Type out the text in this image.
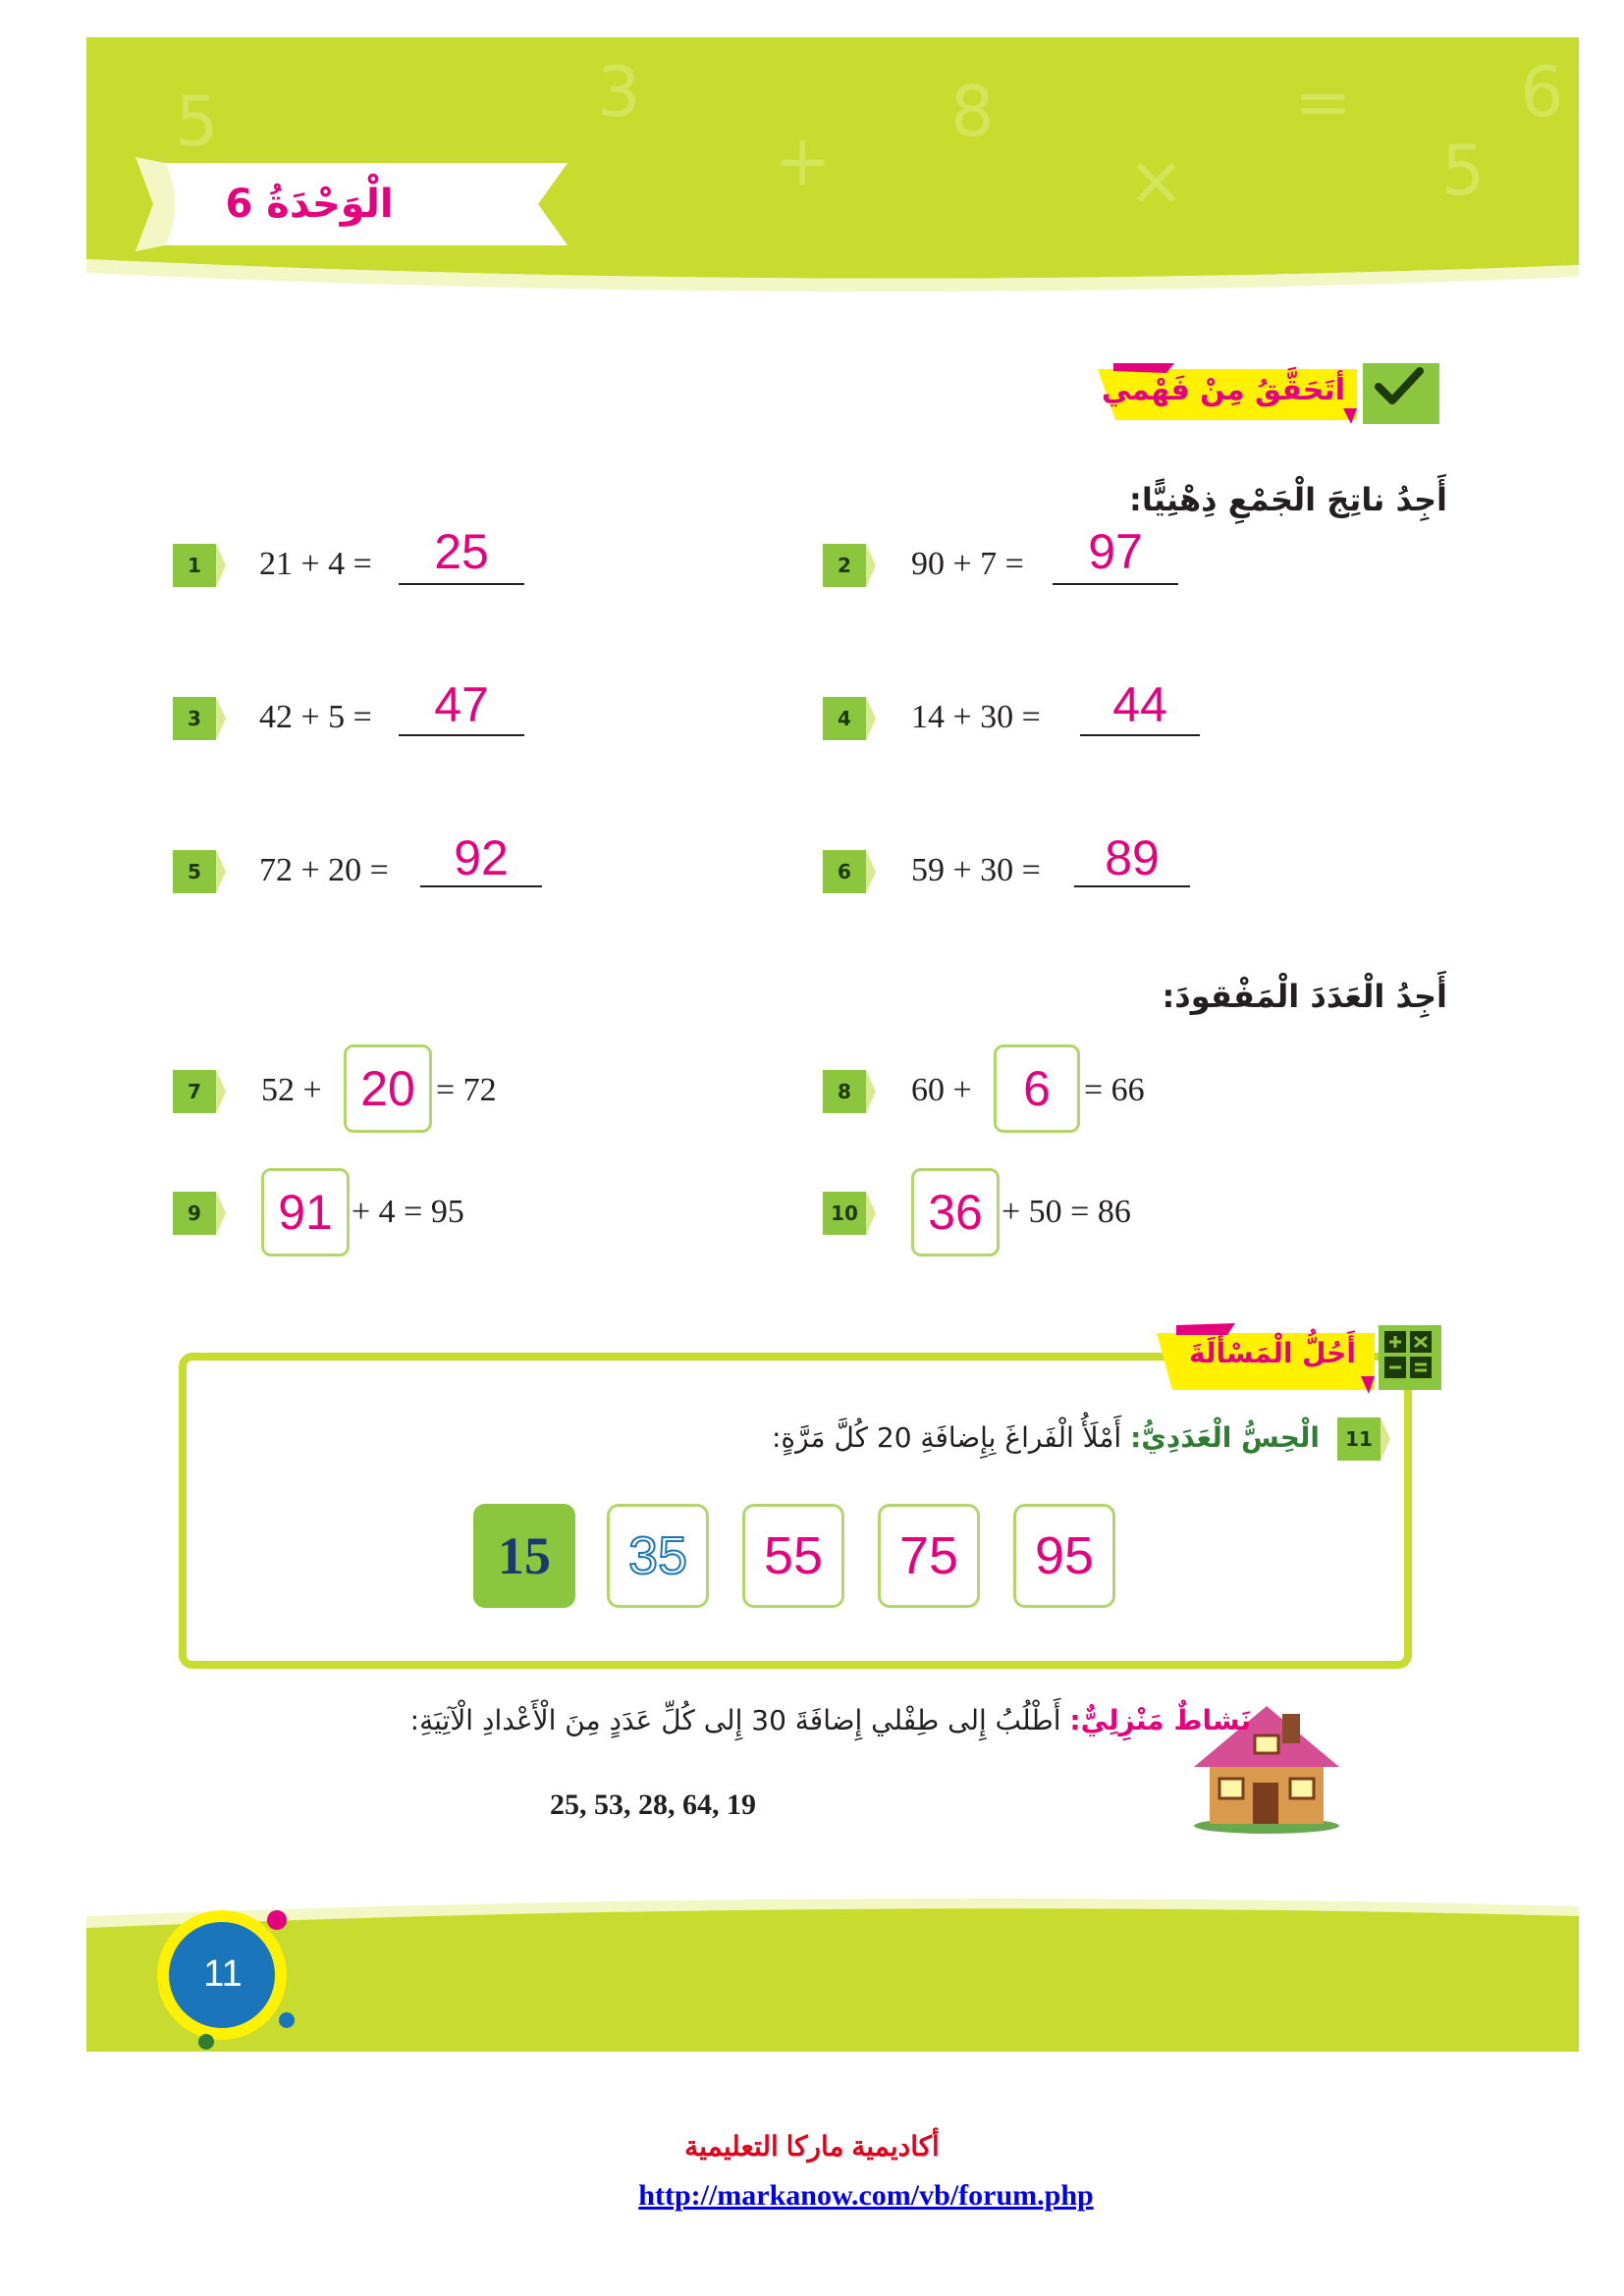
5	3
+
8
×
=
5
6
الْوَحْدَةُ 6
أتَحَقَّقُ مِنْ فَهْمي
أَجِدُ ناتِجَ الْجَمْعِ ذِهْنِيًّا:
1	21 + 4 =	25	2	90 + 7 =	97
3	42 + 5 =	47	4	14 + 30 =	44
5	72 + 20 =	92	6	59 + 30 =	89
أَجِدُ الْعَدَدَ الْمَفْقودَ:
7	52 + 20 = 72	8	60 +	6	= 66
9	91 + 4 = 95	10	36 + 50 = 86
أَحُلُّ الْمَسْأَلَةَ
11
الْحِسُّ الْعَدَدِيُّ: أَمْلَأُ الْفَراغَ بِإِضافَةِ 20 كُلَّ مَرَّةٍ:
15	35	55	75	95
نَشاطٌ مَنْزِلِيٌّ: أَطْلُبُ إِلى طِفْلي إِضافَةَ 30 إِلى كُلِّ عَدَدٍ مِنَ الْأَعْدادِ الْآتِيَةِ:
25, 53, 28, 64, 19
11
أكاديمية ماركا التعليمية
http://markanow.com/vb/forum.php
